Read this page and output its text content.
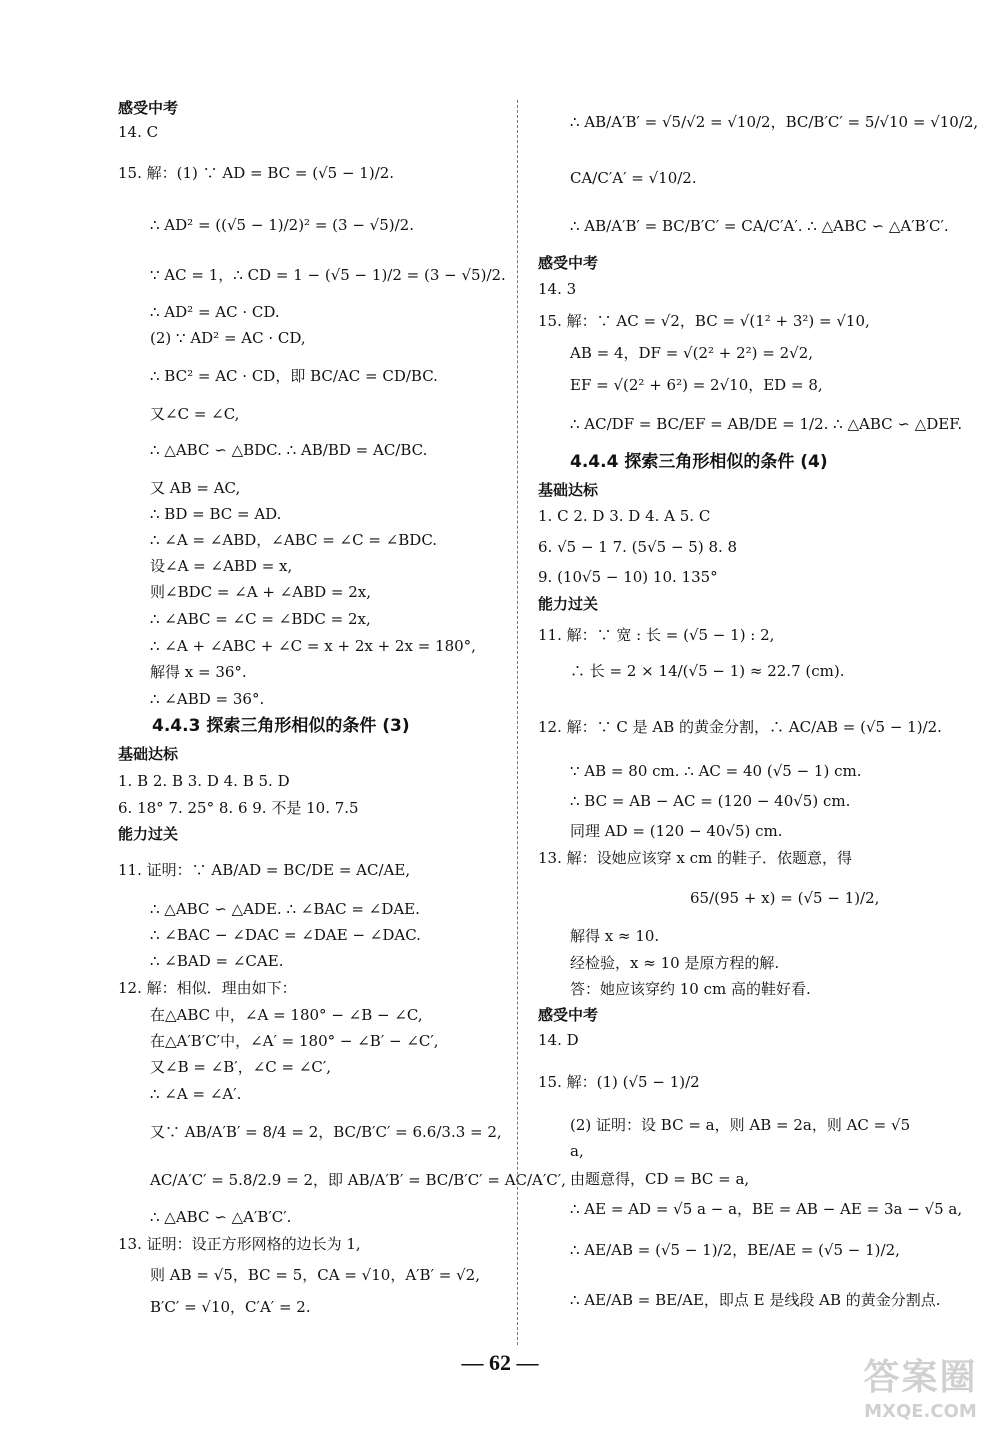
感受中考
14. C
15. 解：(1) ∵ AD = BC = (√5 − 1)/2.
∴ AD² = ((√5 − 1)/2)² = (3 − √5)/2.
∵ AC = 1，∴ CD = 1 − (√5 − 1)/2 = (3 − √5)/2.
∴ AD² = AC · CD.
(2) ∵ AD² = AC · CD,
∴ BC² = AC · CD，即 BC/AC = CD/BC.
又∠C = ∠C,
∴ △ABC ∽ △BDC. ∴ AB/BD = AC/BC.
又 AB = AC,
∴ BD = BC = AD.
∴ ∠A = ∠ABD，∠ABC = ∠C = ∠BDC.
设∠A = ∠ABD = x,
则∠BDC = ∠A + ∠ABD = 2x,
∴ ∠ABC = ∠C = ∠BDC = 2x,
∴ ∠A + ∠ABC + ∠C = x + 2x + 2x = 180°,
解得 x = 36°.
∴ ∠ABD = 36°.
4.4.3 探索三角形相似的条件 (3)
基础达标
1. B 2. B 3. D 4. B 5. D
6. 18° 7. 25° 8. 6 9. 不是 10. 7.5
能力过关
11. 证明：∵ AB/AD = BC/DE = AC/AE,
∴ △ABC ∽ △ADE. ∴ ∠BAC = ∠DAE.
∴ ∠BAC − ∠DAC = ∠DAE − ∠DAC.
∴ ∠BAD = ∠CAE.
12. 解：相似．理由如下：
在△ABC 中，∠A = 180° − ∠B − ∠C,
在△A′B′C′中，∠A′ = 180° − ∠B′ − ∠C′,
又∠B = ∠B′，∠C = ∠C′,
∴ ∠A = ∠A′.
又∵ AB/A′B′ = 8/4 = 2，BC/B′C′ = 6.6/3.3 = 2,
AC/A′C′ = 5.8/2.9 = 2，即 AB/A′B′ = BC/B′C′ = AC/A′C′,
∴ △ABC ∽ △A′B′C′.
13. 证明：设正方形网格的边长为 1,
则 AB = √5，BC = 5，CA = √10，A′B′ = √2,
B′C′ = √10，C′A′ = 2.
∴ AB/A′B′ = √5/√2 = √10/2，BC/B′C′ = 5/√10 = √10/2,
CA/C′A′ = √10/2.
∴ AB/A′B′ = BC/B′C′ = CA/C′A′. ∴ △ABC ∽ △A′B′C′.
感受中考
14. 3
15. 解：∵ AC = √2，BC = √(1² + 3²) = √10,
AB = 4，DF = √(2² + 2²) = 2√2,
EF = √(2² + 6²) = 2√10，ED = 8,
∴ AC/DF = BC/EF = AB/DE = 1/2. ∴ △ABC ∽ △DEF.
4.4.4 探索三角形相似的条件 (4)
基础达标
1. C 2. D 3. D 4. A 5. C
6. √5 − 1 7. (5√5 − 5) 8. 8
9. (10√5 − 10) 10. 135°
能力过关
11. 解：∵ 宽 : 长 = (√5 − 1) : 2,
∴ 长 = 2 × 14/(√5 − 1) ≈ 22.7 (cm).
12. 解：∵ C 是 AB 的黄金分割，∴ AC/AB = (√5 − 1)/2.
∵ AB = 80 cm. ∴ AC = 40 (√5 − 1) cm.
∴ BC = AB − AC = (120 − 40√5) cm.
同理 AD = (120 − 40√5) cm.
13. 解：设她应该穿 x cm 的鞋子．依题意，得
65/(95 + x) = (√5 − 1)/2,
解得 x ≈ 10.
经检验，x ≈ 10 是原方程的解.
答：她应该穿约 10 cm 高的鞋好看.
感受中考
14. D
15. 解：(1) (√5 − 1)/2
(2) 证明：设 BC = a，则 AB = 2a，则 AC = √5
a,
由题意得，CD = BC = a,
∴ AE = AD = √5 a − a，BE = AB − AE = 3a − √5 a,
∴ AE/AB = (√5 − 1)/2，BE/AE = (√5 − 1)/2,
∴ AE/AB = BE/AE，即点 E 是线段 AB 的黄金分割点.
— 62 —	答案圈
MXQE.COM
